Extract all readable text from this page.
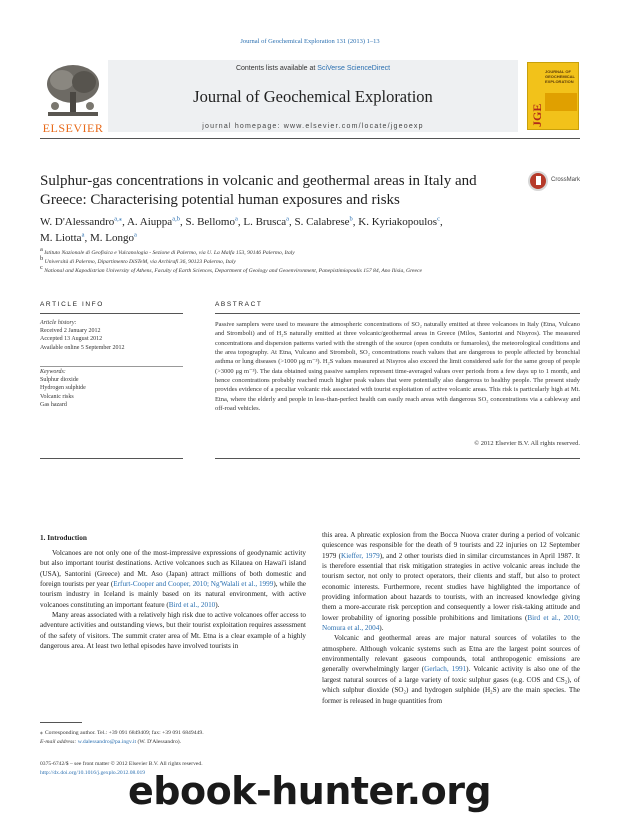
Journal of Geochemical Exploration 131 (2013) 1–13
Contents lists available at SciVerse ScienceDirect
Journal of Geochemical Exploration
journal homepage: www.elsevier.com/locate/jgeoexp
ELSEVIER
JGE
JOURNAL OF GEOCHEMICAL EXPLORATION
Sulphur-gas concentrations in volcanic and geothermal areas in Italy and Greece: Characterising potential human exposures and risks
CrossMark
W. D'Alessandro$^{a,⁎}$, A. Aiuppa$^{a,b}$, S. Bellomo$^a$, L. Brusca$^a$, S. Calabrese$^b$, K. Kyriakopoulos$^c$,
M. Liotta$^a$, M. Longo$^a$
$^a$ Istituto Nazionale di Geofisica e Vulcanologia - Sezione di Palermo, via U. La Malfa 153, 90146 Palermo, Italy
$^b$ Università di Palermo, Dipartimento DiSTeM, via Archirafi 36, 90123 Palermo, Italy
$^c$ National and Kapodistrian University of Athens, Faculty of Earth Sciences, Department of Geology and Geoenvironment, Panepistimiopoulis 157 84, Ano Ilisia, Greece
ARTICLE INFO
Article history:
Received 2 January 2012
Accepted 13 August 2012
Available online 5 September 2012
Keywords:
Sulphur dioxide
Hydrogen sulphide
Volcanic risks
Gas hazard
ABSTRACT
Passive samplers were used to measure the atmospheric concentrations of SO₂ naturally emitted at three volcanoes in Italy (Etna, Vulcano and Stromboli) and of H₂S naturally emitted at three volcanic/geothermal areas in Greece (Milos, Santorini and Nisyros). The measured concentrations and dispersion patterns varied with the strength of the source (open conduits or fumaroles), the meteorological conditions and the area topography. At Etna, Vulcano and Stromboli, SO₂ concentrations reach values that are dangerous to people affected by bronchial asthma or lung diseases (>1000 μg m⁻³). H₂S values measured at Nisyros also exceed the limit considered safe for the same group of people (>3000 μg m⁻³). The data obtained using passive samplers represent time-averaged values over periods from a few days up to 1 month, and hence concentrations probably reached much higher peak values that were potentially also dangerous to healthy people. The present study provides evidence of a peculiar volcanic risk associated with tourist exploitation of active volcanic areas. This risk is particularly high at Mt. Etna, where the elderly and people in less-than-perfect health can easily reach areas with dangerous SO₂ concentrations via a cableway and off-road vehicles.
© 2012 Elsevier B.V. All rights reserved.
1. Introduction

Volcanoes are not only one of the most-impressive expressions of geodynamic activity but also important tourist destinations. Active volcanoes such as Kilauea on Hawai'i island (USA), Santorini (Greece) and Mt. Aso (Japan) attract millions of both domestic and foreign tourists per year (Erfurt-Cooper and Cooper, 2010; Ng'Walali et al., 1999), while the tourism industry in Iceland is mainly based on its natural environment, with active volcanoes constituting an important feature (Bird et al., 2010).

Many areas associated with a relatively high risk due to active volcanoes offer access to adventure activities and outstanding views, but their tourist exploitation requires assessment of the safety of visitors. The summit crater area of Mt. Etna is a clear example of a highly dangerous area. At least two lethal episodes have involved tourists in

this area. A phreatic explosion from the Bocca Nuova crater during a period of volcanic quiescence was responsible for the death of 9 tourists and 22 injuries on 12 September 1979 (Kieffer, 1979), and 2 other tourists died in similar circumstances in April 1987. It is therefore essential that risk mitigation strategies in active volcanic areas include the tourism sector, not only to protect operators, their clients and staff, but also to protect economic interests. Furthermore, recent studies have highlighted the importance of providing information about hazards to tourists, with an increased knowledge giving them a more-accurate risk perception and consequently a lower risk-taking attitude and lower probability of ignoring possible prohibitions and limitations (Bird et al., 2010; Nomura et al., 2004).

Volcanic and geothermal areas are major natural sources of volatiles to the atmosphere. Although volcanic systems such as Etna are the largest point sources of environmentally relevant gaseous compounds, total anthropogenic emissions are generally overwhelmingly larger (Gerlach, 1991). Volcanic activity is also one of the largest natural sources of a large variety of toxic sulphur gases (e.g. COS and CS₂), of which sulphur dioxide (SO₂) and hydrogen sulphide (H₂S) are the main species. The former is released in huge quantities from

⁎ Corresponding author. Tel.: +39 091 6849409; fax: +39 091 6849449.
E-mail address: w.dalessandro@pa.ingv.it (W. D'Alessandro).
0375-6742/$ – see front matter © 2012 Elsevier B.V. All rights reserved.
http://dx.doi.org/10.1016/j.gexplo.2012.08.019
ebook-hunter.org
